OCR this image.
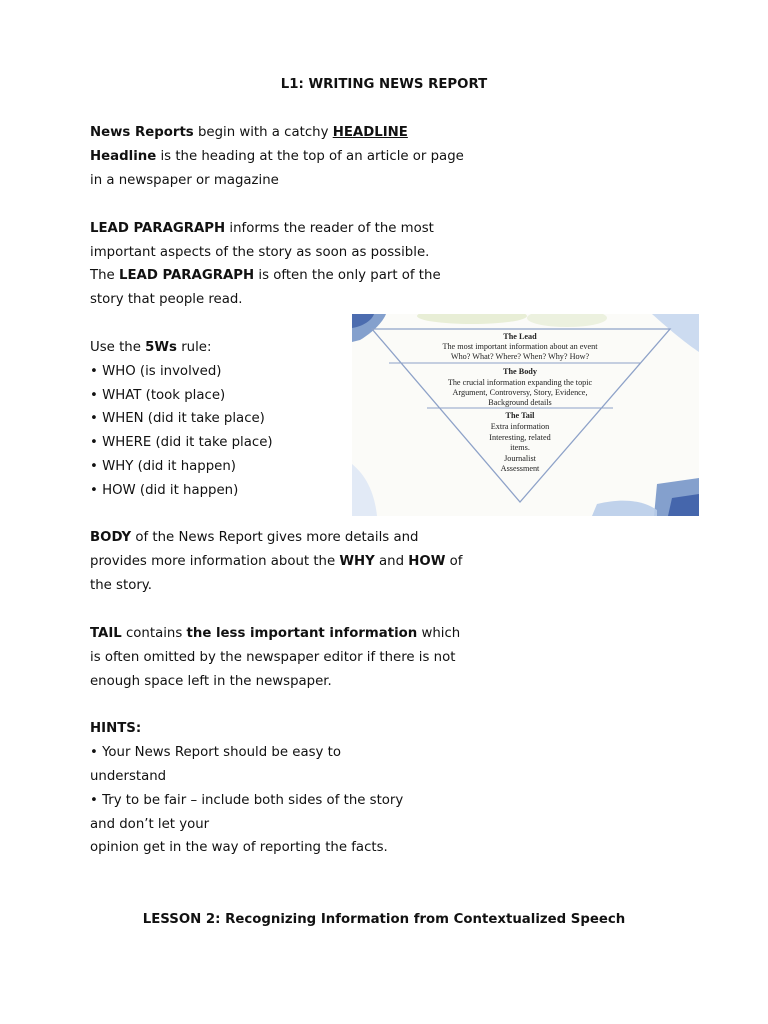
L1: WRITING NEWS REPORT
News Reports begin with a catchy HEADLINE
Headline is the heading at the top of an article or page
in a newspaper or magazine
LEAD PARAGRAPH informs the reader of the most
important aspects of the story as soon as possible.
The LEAD PARAGRAPH is often the only part of the
story that people read.
Use the 5Ws rule:
• WHO (is involved)
• WHAT (took place)
• WHEN (did it take place)
• WHERE (did it take place)
• WHY (did it happen)
• HOW (did it happen)
BODY of the News Report gives more details and
provides more information about the WHY and HOW of
the story.
TAIL contains the less important information which
is often omitted by the newspaper editor if there is not
enough space left in the newspaper.
HINTS:
• Your News Report should be easy to
understand
• Try to be fair – include both sides of the story
and don’t let your
opinion get in the way of reporting the facts.
LESSON 2: Recognizing Information from Contextualized Speech
The Lead
The most important information about an event
Who? What? Where? When? Why? How?
The Body
The crucial information expanding the topic
Argument, Controversy, Story, Evidence,
Background details
The Tail
Extra information
Interesting, related
items.
Journalist
Assessment
